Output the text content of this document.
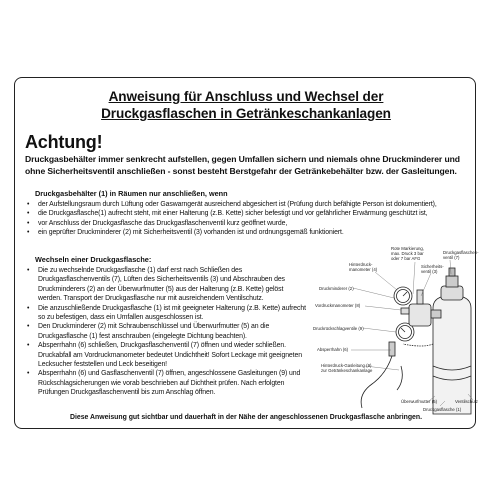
Anweisung für Anschluss und Wechsel der
Druckgasflaschen in Getränkeschankanlagen
Achtung!
Druckgasbehälter immer senkrecht aufstellen, gegen Umfallen sichern und niemals ohne Druckminderer und ohne Sicherheitsventil anschließen - sonst besteht Berstgefahr der Getränkebehälter bzw. der Gasleitungen.
Druckgasbehälter (1) in Räumen nur anschließen, wenn
• der Aufstellungsraum durch Lüftung oder Gaswarngerät ausreichend abgesichert ist (Prüfung durch befähigte Person ist dokumentiert),
• die Druckgasflasche(1) aufrecht steht, mit einer Halterung (z.B. Kette) sicher befestigt und vor gefährlicher Erwärmung geschützt ist,
• vor Anschluss der Druckgasflasche das Druckgasflaschenventil kurz geöffnet wurde,
• ein geprüfter Druckminderer (2) mit Sicherheitsventil (3) vorhanden ist und ordnungsgemäß funktioniert.
Wechseln einer Druckgasflasche:
• Die zu wechselnde Druckgasflasche (1) darf erst nach Schließen des Druckgasflaschenventils (7), Lüften des Sicherheitsventils (3) und Abschrauben des Druckminderers (2) an der Überwurfmutter (5) aus der Halterung (z.B. Kette) gelöst werden. Transport der Druckgasflasche nur mit ausreichendem Ventilschutz.
• Die anzuschließende Druckgasflasche (1) ist mit geeigneter Halterung (z.B. Kette) aufrecht so zu befestigen, dass ein Umfallen ausgeschlossen ist.
• Den Druckminderer (2) mit Schraubenschlüssel und Überwurfmutter (5) an die Druckgasflasche (1) fest anschrauben (eingelegte Dichtung beachten).
• Absperrhahn (6) schließen, Druckgasflaschenventil (7) öffnen und wieder schließen. Druckabfall am Vordruckmanometer bedeutet Undichtheit! Sofort Leckage mit geeigneten Lecksucher feststellen und Leck beseitigen!
• Absperrhahn (6) und Gasflaschenventil (7) öffnen, angeschlossene Gasleitungen (9) und Rückschlagsicherungen wie vorab beschrieben auf Dichtheit prüfen. Nach erfolgten Prüfungen Druckgasflaschenventil bis zum Anschlag öffnen.
Rote Markierung,
max. Druck 3 bar
oder 7 bar AFG
Hinterdruck-
manometer (4)
Druckgasflaschen-
ventil (7)
Sicherheits-
ventil (3)
Druckminderer (2)
Vordruckmanometer (8)
Druckrückschlagventile (9)
Absperrhahn (6)
Hinterdruck-Gasleitung (9)
zur Getränkeschankanlage
Überwurfmutter (5)	Ventilschutz
Druckgasflasche (1)
Diese Anweisung gut sichtbar und dauerhaft in der Nähe der angeschlossenen Druckgasflasche anbringen.
